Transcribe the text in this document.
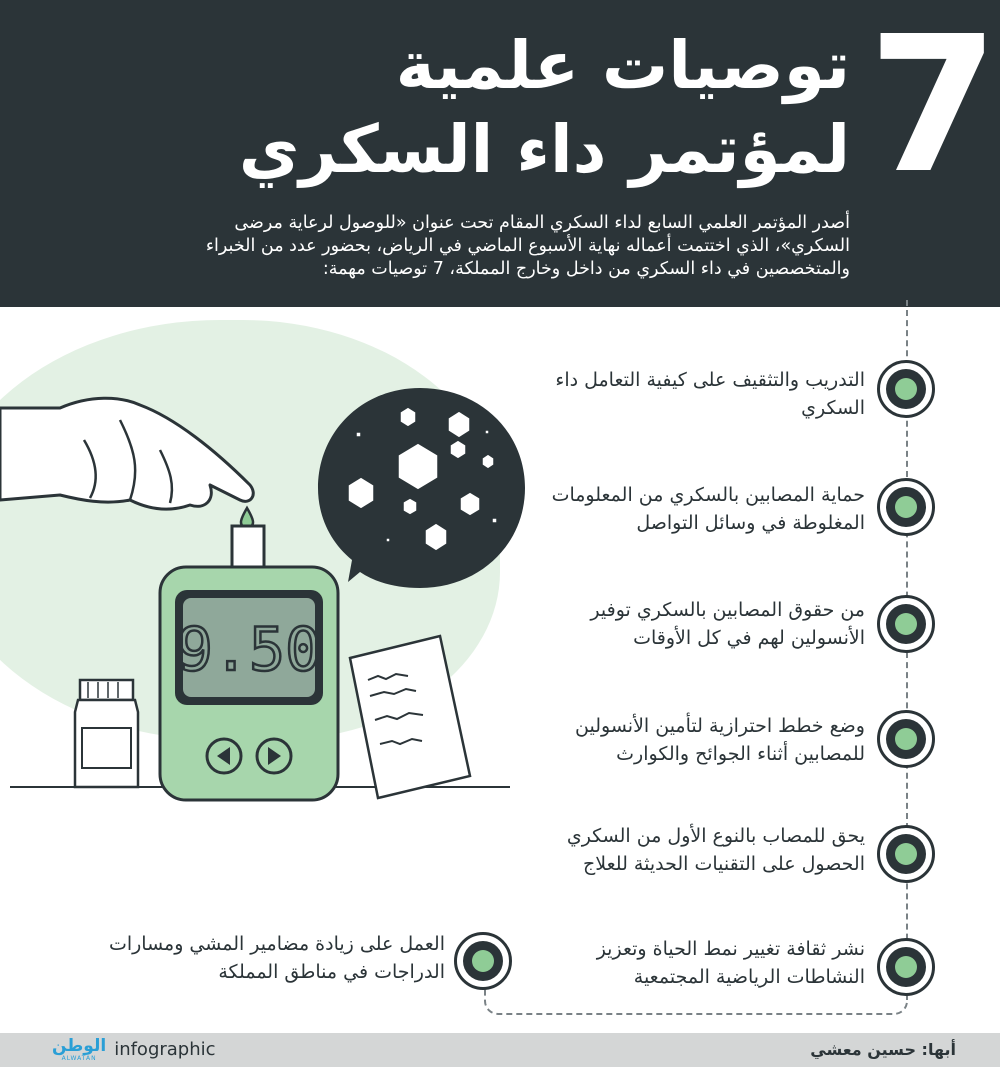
7
توصيات علمية
لمؤتمر داء السكري

أصدر المؤتمر العلمي السابع لداء السكري المقام تحت عنوان «للوصول لرعاية مرضى السكري»، الذي اختتمت أعماله نهاية الأسبوع الماضي في الرياض، بحضور عدد من الخبراء والمتخصصين في داء السكري من داخل وخارج المملكة، 7 توصيات مهمة:

9.50
التدريب والتثقيف على كيفية التعامل داء السكري
حماية المصابين بالسكري من المعلومات المغلوطة في وسائل التواصل
من حقوق المصابين بالسكري توفير الأنسولين لهم في كل الأوقات
وضع خطط احترازية لتأمين الأنسولين للمصابين أثناء الجوائح والكوارث
يحق للمصاب بالنوع الأول من السكري الحصول على التقنيات الحديثة للعلاج
نشر ثقافة تغيير نمط الحياة وتعزيز النشاطات الرياضية المجتمعية
العمل على زيادة مضامير المشي ومسارات الدراجات في مناطق المملكة
الوطن
ALWATAN infographic	أبها: حسين معشي
